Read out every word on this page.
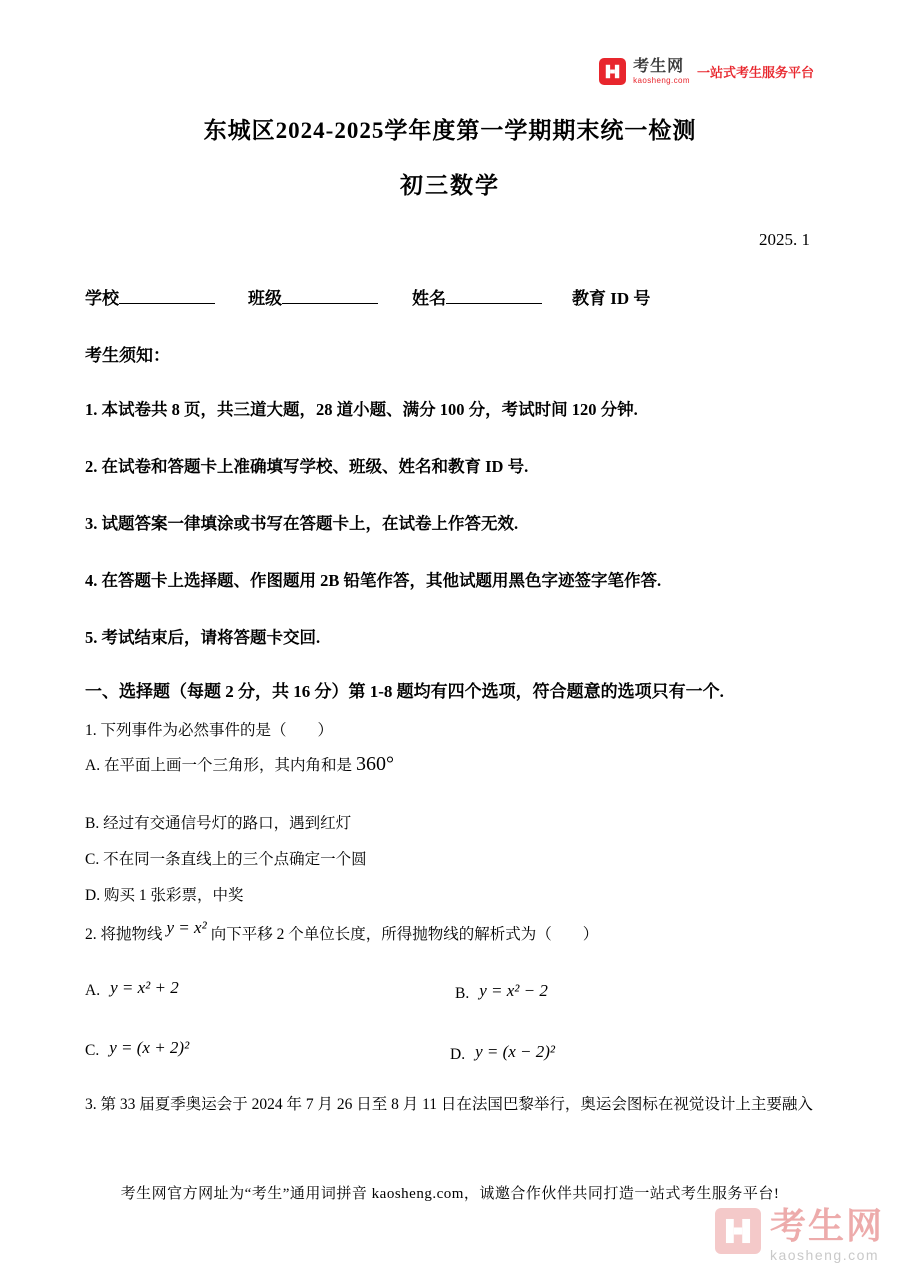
考生网
kaosheng.com 一站式考生服务平台
东城区2024-2025学年度第一学期期末统一检测
初三数学
2025. 1
学校	班级	姓名	教育 ID 号
考生须知：
1. 本试卷共 8 页，共三道大题，28 道小题、满分 100 分，考试时间 120 分钟.
2. 在试卷和答题卡上准确填写学校、班级、姓名和教育 ID 号.
3. 试题答案一律填涂或书写在答题卡上，在试卷上作答无效.
4. 在答题卡上选择题、作图题用 2B 铅笔作答，其他试题用黑色字迹签字笔作答.
5. 考试结束后，请将答题卡交回.
一、选择题（每题 2 分，共 16 分）第 1-8 题均有四个选项，符合题意的选项只有一个.
1. 下列事件为必然事件的是（　　）
A. 在平面上画一个三角形，其内角和是 360°
B. 经过有交通信号灯的路口，遇到红灯
C. 不在同一条直线上的三个点确定一个圆
D. 购买 1 张彩票，中奖
2. 将抛物线 y = x² 向下平移 2 个单位长度，所得抛物线的解析式为（　　）
A. y = x² + 2	B. y = x² − 2
C. y = (x + 2)²	D. y = (x − 2)²
3. 第 33 届夏季奥运会于 2024 年 7 月 26 日至 8 月 11 日在法国巴黎举行，奥运会图标在视觉设计上主要融入
考生网官方网址为“考生”通用词拼音 kaosheng.com，诚邀合作伙伴共同打造一站式考生服务平台!
考生网
kaosheng.com
